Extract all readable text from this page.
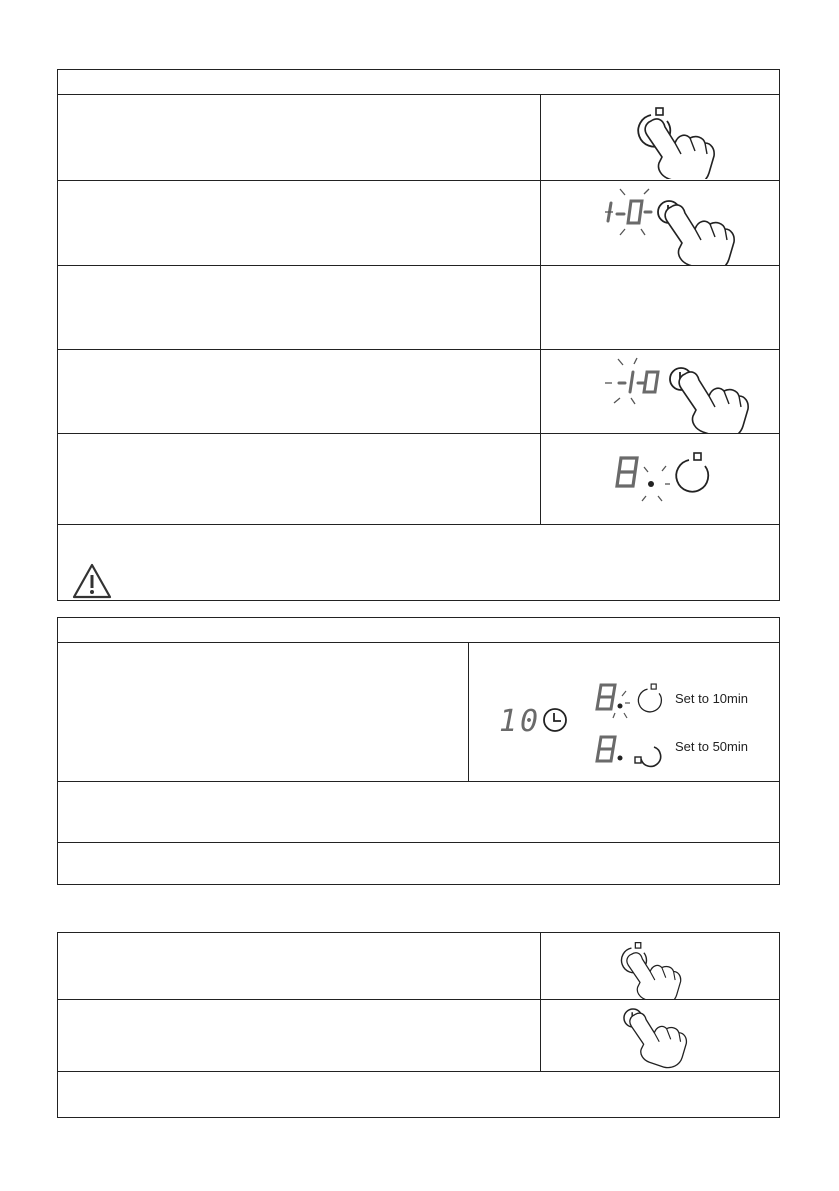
10
Set to 10min
Set to 50min
